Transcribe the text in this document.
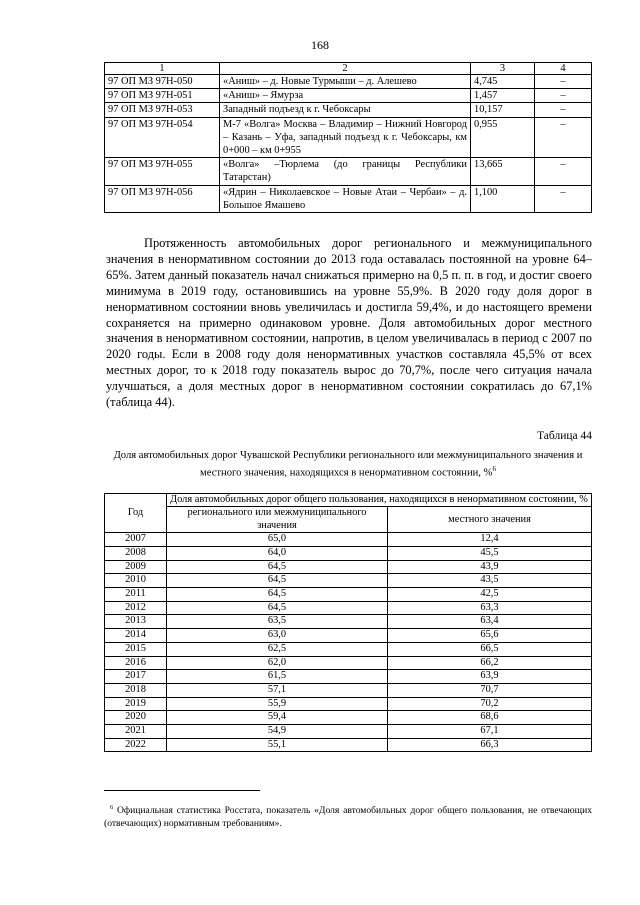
168
1	2	3	4
97 ОП МЗ 97Н-050	«Аниш» – д. Новые Турмыши – д. Алешево	4,745	–
97 ОП МЗ 97Н-051	«Аниш» – Ямурза	1,457	–
97 ОП МЗ 97Н-053	Западный подъезд к г. Чебоксары	10,157	–
97 ОП МЗ 97Н-054	М-7 «Волга» Москва – Владимир – Нижний Новгород – Казань – Уфа, западный подъезд к г. Чебоксары, км 0+000 – км 0+955	0,955	–
97 ОП МЗ 97Н-055	«Волга» –Тюрлема (до границы Республики Татарстан)	13,665	–
97 ОП МЗ 97Н-056	«Ядрин – Николаевское – Новые Атаи – Чербаи» – д. Большое Ямашево	1,100	–

Протяженность автомобильных дорог регионального и межмуниципального значения в ненормативном состоянии до 2013 года оставалась постоянной на уровне 64–65%. Затем данный показатель начал снижаться примерно на 0,5 п. п. в год, и достиг своего минимума в 2019 году, остановившись на уровне 55,9%. В 2020 году доля дорог в ненормативном состоянии вновь увеличилась и достигла 59,4%, и до настоящего времени сохраняется на примерно одинаковом уровне. Доля автомобильных дорог местного значения в ненормативном состоянии, напротив, в целом увеличивалась в период с 2007 по 2020 годы. Если в 2008 году доля ненормативных участков составляла 45,5% от всех местных дорог, то к 2018 году показатель вырос до 70,7%, после чего ситуация начала улучшаться, а доля местных дорог в ненормативном состоянии сократилась до 67,1% (таблица 44).

Таблица 44
Доля автомобильных дорог Чувашской Республики регионального или межмуниципального значения и местного значения, находящихся в ненормативном состоянии, %$^6$
Год	Доля автомобильных дорог общего пользования, находящихся в ненормативном состоянии, %	
	регионального или межмуниципального значения	местного значения
2007	65,0	12,4
2008	64,0	45,5
2009	64,5	43,9
2010	64,5	43,5
2011	64,5	42,5
2012	64,5	63,3
2013	63,5	63,4
2014	63,0	65,6
2015	62,5	66,5
2016	62,0	66,2
2017	61,5	63,9
2018	57,1	70,7
2019	55,9	70,2
2020	59,4	68,6
2021	54,9	67,1
2022	55,1	66,3

$^6$ Официальная статистика Росстата, показатель «Доля автомобильных дорог общего пользования, не отвечающих (отвечающих) нормативным требованиям».
